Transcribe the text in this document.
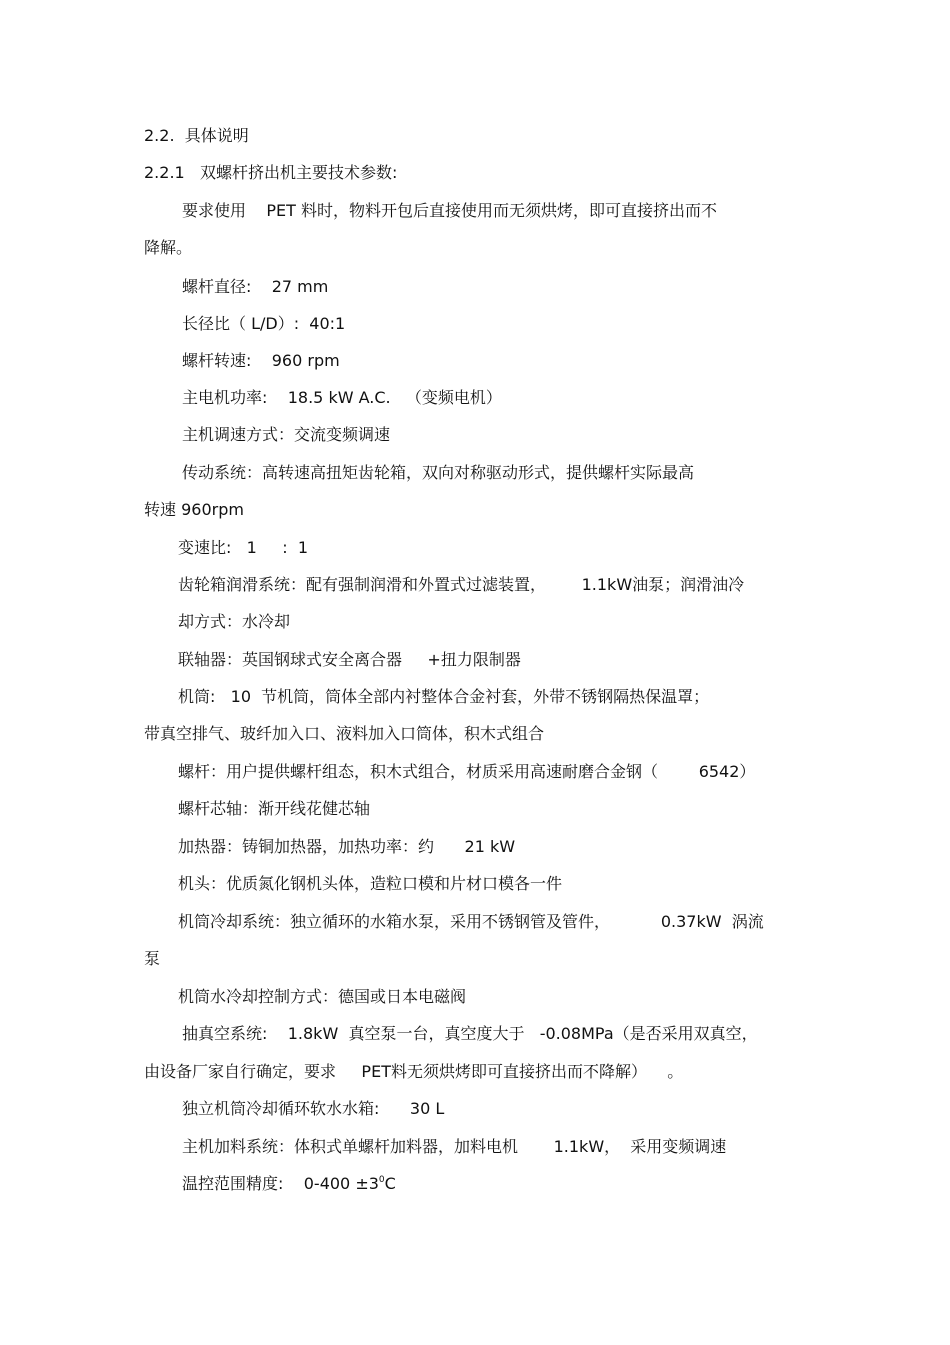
2.2.  具体说明

2.2.1   双螺杆挤出机主要技术参数:

要求使用    PET 料时，物料开包后直接使用而无须烘烤，即可直接挤出而不

降解。

螺杆直径:    27 mm

长径比（ L/D）:  40:1

螺杆转速:    960 rpm

主电机功率:    18.5 kW A.C.   （变频电机）

主机调速方式：交流变频调速

传动系统：高转速高扭矩齿轮箱，双向对称驱动形式，提供螺杆实际最高

转速 960rpm

变速比:   1     :  1

齿轮箱润滑系统：配有强制润滑和外置式过滤装置，       1.1kW油泵；润滑油冷

却方式：水冷却

联轴器：英国钢球式安全离合器     +扭力限制器

机筒:   10  节机筒，筒体全部内衬整体合金衬套，外带不锈钢隔热保温罩；

带真空排气、玻纤加入口、液料加入口筒体，积木式组合

螺杆：用户提供螺杆组态，积木式组合，材质采用高速耐磨合金钢（        6542）

螺杆芯轴：渐开线花健芯轴

加热器：铸铜加热器，加热功率：约      21 kW

机头：优质氮化钢机头体，造粒口模和片材口模各一件

机筒冷却系统：独立循环的水箱水泵，采用不锈钢管及管件，          0.37kW  涡流

泵

机筒水冷却控制方式：德国或日本电磁阀

抽真空系统:    1.8kW  真空泵一台，真空度大于   -0.08MPa（是否采用双真空，

由设备厂家自行确定，要求     PET料无须烘烤即可直接挤出而不降解）    。

独立机筒冷却循环软水水箱:      30 L

主机加料系统：体积式单螺杆加料器，加料电机       1.1kW，  采用变频调速

温控范围精度:    $0-400 \pm 3^0C$
